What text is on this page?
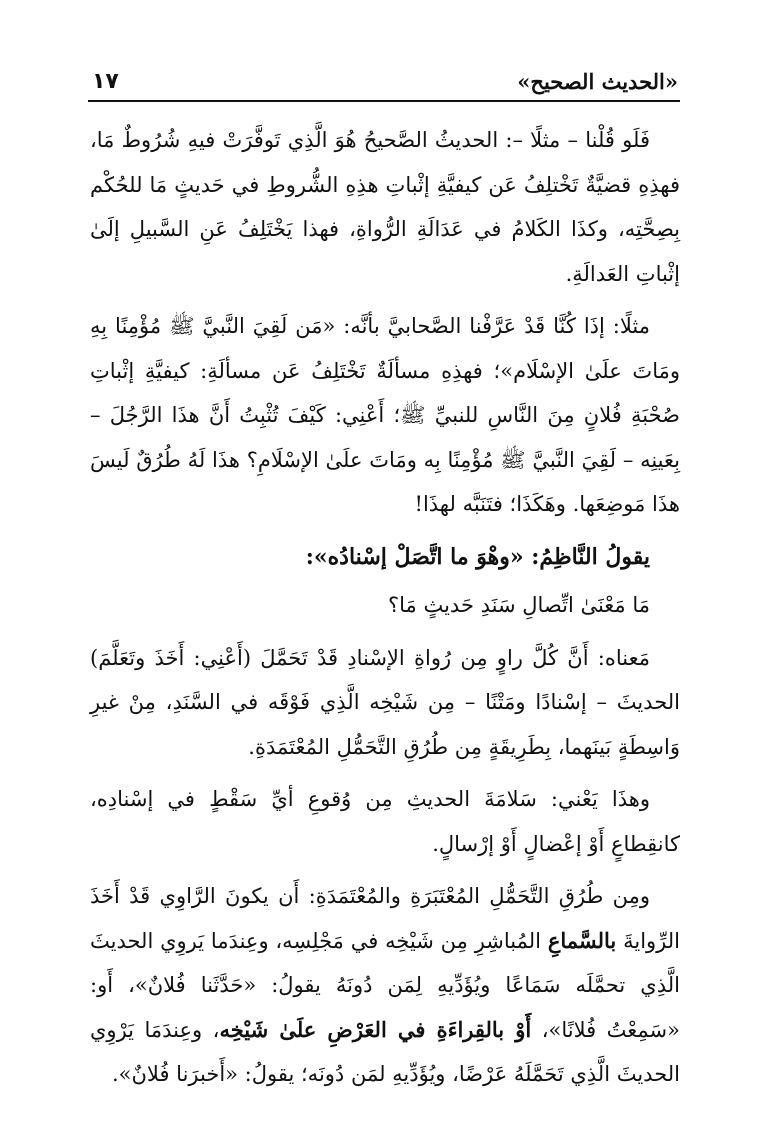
«الحديث الصحيح»
١٧

فَلَو قُلْنا – مثلًا –: الحديثُ الصَّحيحُ هُوَ الَّذِي تَوفَّرَتْ فيهِ شُرُوطٌ مَا، فهذِهِ قضيَّةٌ تَخْتلِفُ عَن كيفيَّةِ إثْباتِ هذِهِ الشُّروطِ في حَديثٍ مَا للحُكْم بِصِحَّتِه، وكذَا الكَلامُ في عَدَالَةِ الرُّواةِ، فهذا يَخْتَلِفُ عَنِ السَّبيلِ إلَىٰ إثْباتِ العَدالَةِ.

مثلًا: إذَا كُنَّا قَدْ عَرَّفْنا الصَّحابيَّ بأنَّه: «مَن لَقِيَ النَّبيَّ ﷺ مُؤْمِنًا بِهِ ومَاتَ علَىٰ الإسْلَام»؛ فهذِهِ مسألَةٌ تَخْتَلِفُ عَن مسألَةِ: كيفيَّةِ إثْباتِ صُحْبَةِ فُلانٍ مِنَ النَّاسِ للنبيِّ ﷺ؛ أَعْنِي: كَيْفَ تُثْبِتُ أَنَّ هذَا الرَّجُلَ – بِعَينِه – لَقِيَ النَّبيَّ ﷺ مُؤْمِنًا بِه ومَاتَ علَىٰ الإسْلَامِ؟ هذَا لَهُ طُرُقٌ لَيسَ هذَا مَوضِعَها. وهَكَذَا؛ فتَنَبَّه لهذَا!

يقولُ النَّاظِمُ: «وهْوَ ما اتَّصَلْ إسْنادُه»:

مَا مَعْنَىٰ اتِّصالِ سَنَدِ حَديثٍ مَا؟

مَعناه: أَنَّ كُلَّ راوٍ مِن رُواةِ الإسْنادِ قَدْ تَحَمَّلَ (أَعْنِي: أَخَذَ وتَعَلَّمَ) الحديثَ – إسْنادًا ومَتْنًا – مِن شَيْخِه الَّذِي فَوْقَه في السَّنَدِ، مِنْ غيرِ وَاسِطَةٍ بَينَهما، بِطَرِيقَةٍ مِن طُرُقِ التَّحَمُّلِ المُعْتَمَدَةِ.

وهذَا يَعْني: سَلامَةَ الحديثِ مِن وُقوعِ أيِّ سَقْطٍ في إسْنادِه، كانقِطاعٍ أَوْ إعْضالٍ أَوْ إرْسالٍ.

ومِن طُرُقِ التَّحَمُّلِ المُعْتَبَرَةِ والمُعْتَمَدَةِ: أَن يكونَ الرَّاوِي قَدْ أَخَذَ الرِّوايةَ بالسَّماعِ المُباشِرِ مِن شَيْخِه في مَجْلِسِه، وعِندَما يَروِي الحديثَ الَّذِي تحمَّلَه سَمَاعًا ويُؤَدِّيهِ لِمَن دُونَهُ يقولُ: «حَدَّثَنا فُلانٌ»، أَو: «سَمِعْتُ فُلانًا»، أَوْ بالقِراءَةِ في العَرْضِ علَىٰ شَيْخِه، وعِندَمَا يَرْوِي الحديثَ الَّذِي تَحَمَّلَهُ عَرْضًا، ويُؤَدِّيهِ لمَن دُونَه؛ يقولُ: «أَخبرَنا فُلانٌ».
